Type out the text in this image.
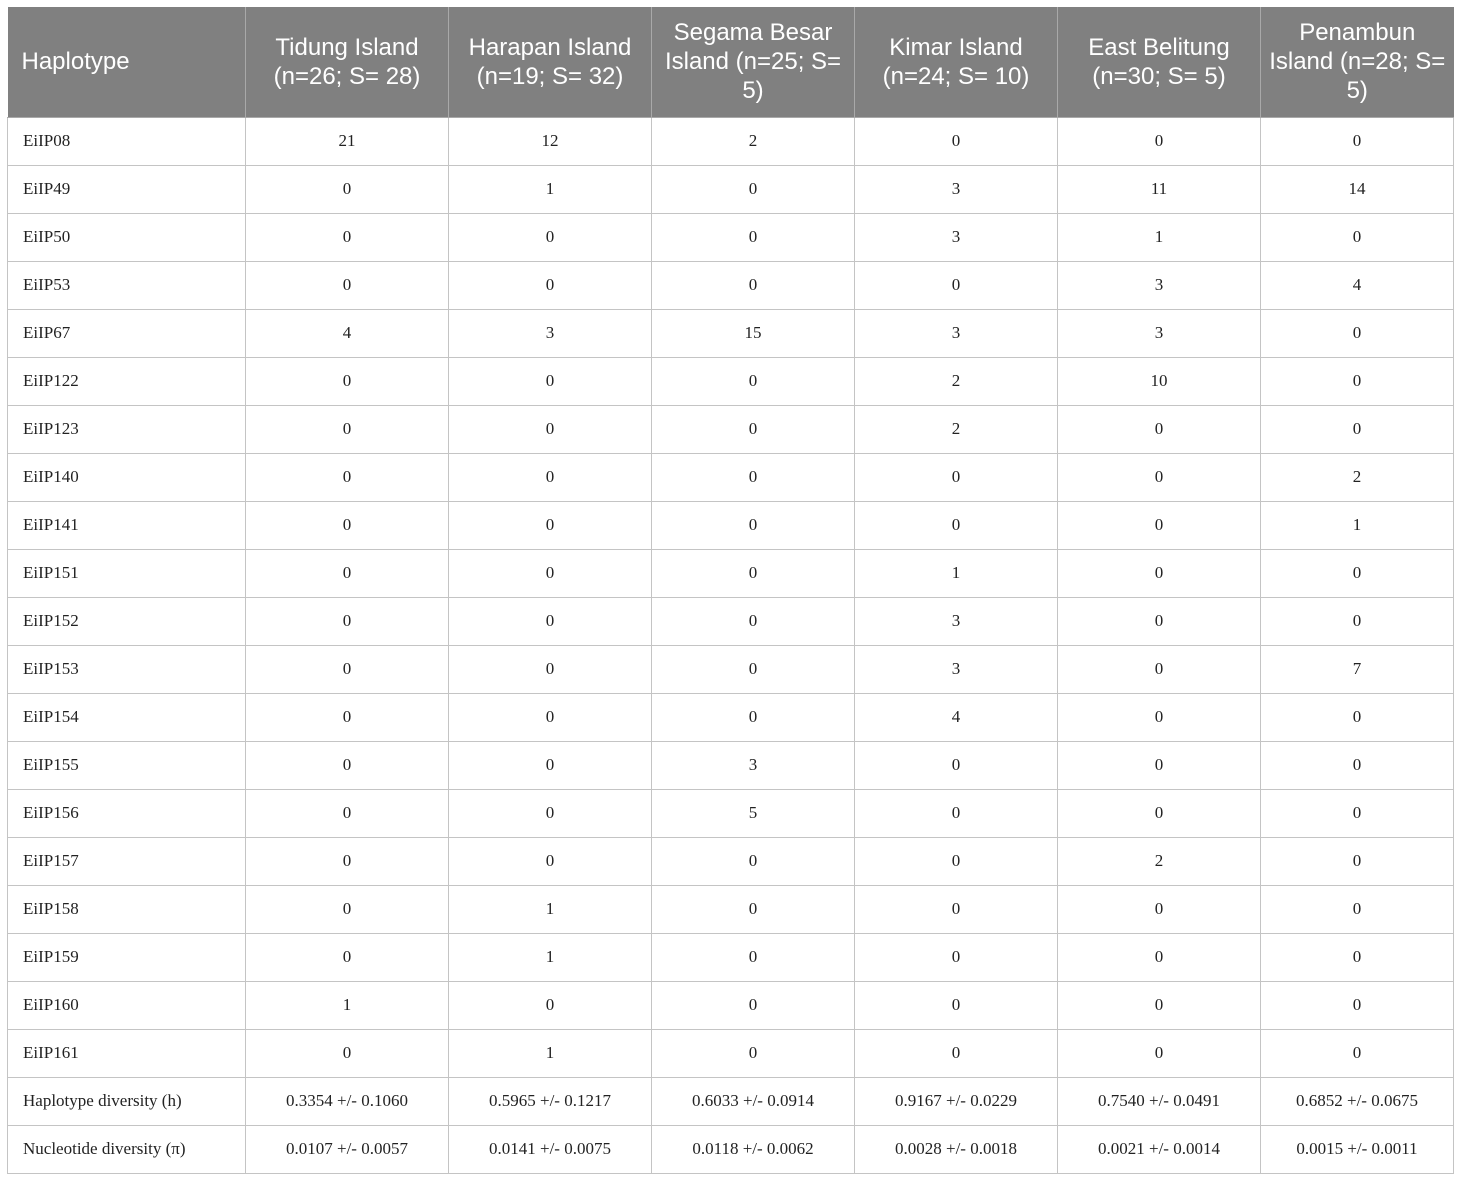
Haplotype	Tidung Island (n=26; S= 28)	Harapan Island (n=19; S= 32)	Segama Besar Island (n=25; S= 5)	Kimar Island (n=24; S= 10)	East Belitung (n=30; S= 5)	Penambun Island (n=28; S= 5)
EiIP08	21	12	2	0	0	0
EiIP49	0	1	0	3	11	14
EiIP50	0	0	0	3	1	0
EiIP53	0	0	0	0	3	4
EiIP67	4	3	15	3	3	0
EiIP122	0	0	0	2	10	0
EiIP123	0	0	0	2	0	0
EiIP140	0	0	0	0	0	2
EiIP141	0	0	0	0	0	1
EiIP151	0	0	0	1	0	0
EiIP152	0	0	0	3	0	0
EiIP153	0	0	0	3	0	7
EiIP154	0	0	0	4	0	0
EiIP155	0	0	3	0	0	0
EiIP156	0	0	5	0	0	0
EiIP157	0	0	0	0	2	0
EiIP158	0	1	0	0	0	0
EiIP159	0	1	0	0	0	0
EiIP160	1	0	0	0	0	0
EiIP161	0	1	0	0	0	0
Haplotype diversity (h)	0.3354 +/- 0.1060	0.5965 +/- 0.1217	0.6033 +/- 0.0914	0.9167 +/- 0.0229	0.7540 +/- 0.0491	0.6852 +/- 0.0675
Nucleotide diversity (π)	0.0107 +/- 0.0057	0.0141 +/- 0.0075	0.0118 +/- 0.0062	0.0028 +/- 0.0018	0.0021 +/- 0.0014	0.0015 +/- 0.0011
